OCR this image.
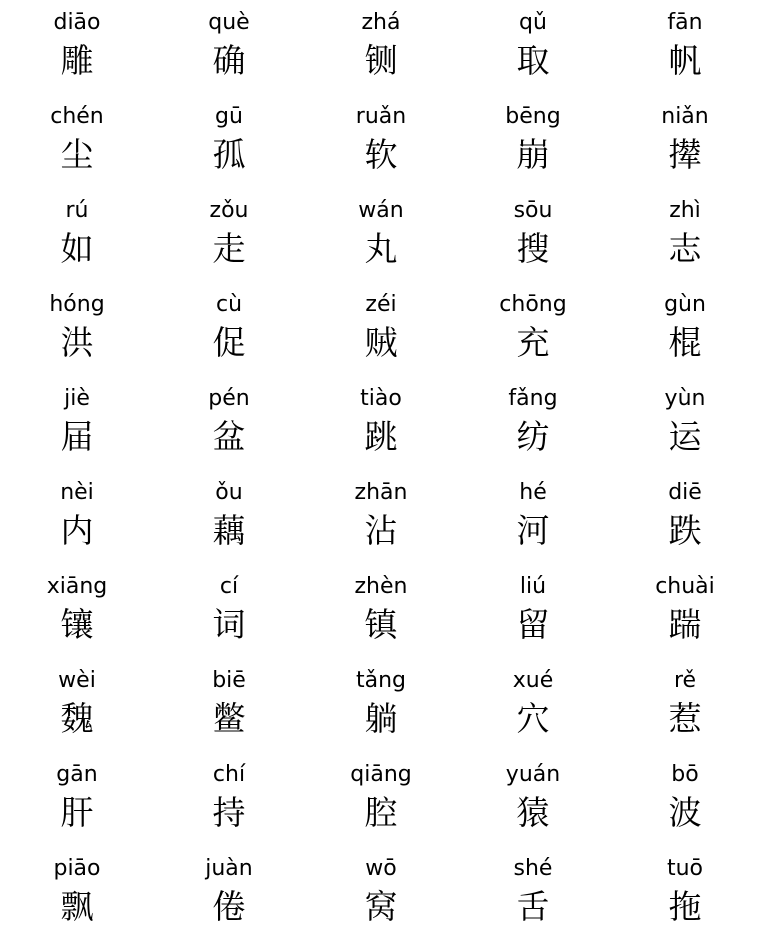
diāo
雕
què
确
zhá
铡
qǔ
取
fān
帆
chén
尘
gū
孤
ruǎn
软
bēng
崩
niǎn
撵
rú
如
zǒu
走
wán
丸
sōu
搜
zhì
志
hóng
洪
cù
促
zéi
贼
chōng
充
gùn
棍
jiè
届
pén
盆
tiào
跳
fǎng
纺
yùn
运
nèi
内
ǒu
藕
zhān
沾
hé
河
diē
跌
xiāng
镶
cí
词
zhèn
镇
liú
留
chuài
踹
wèi
魏
biē
鳖
tǎng
躺
xué
穴
rě
惹
gān
肝
chí
持
qiāng
腔
yuán
猿
bō
波
piāo
飘
juàn
倦
wō
窝
shé
舌
tuō
拖
